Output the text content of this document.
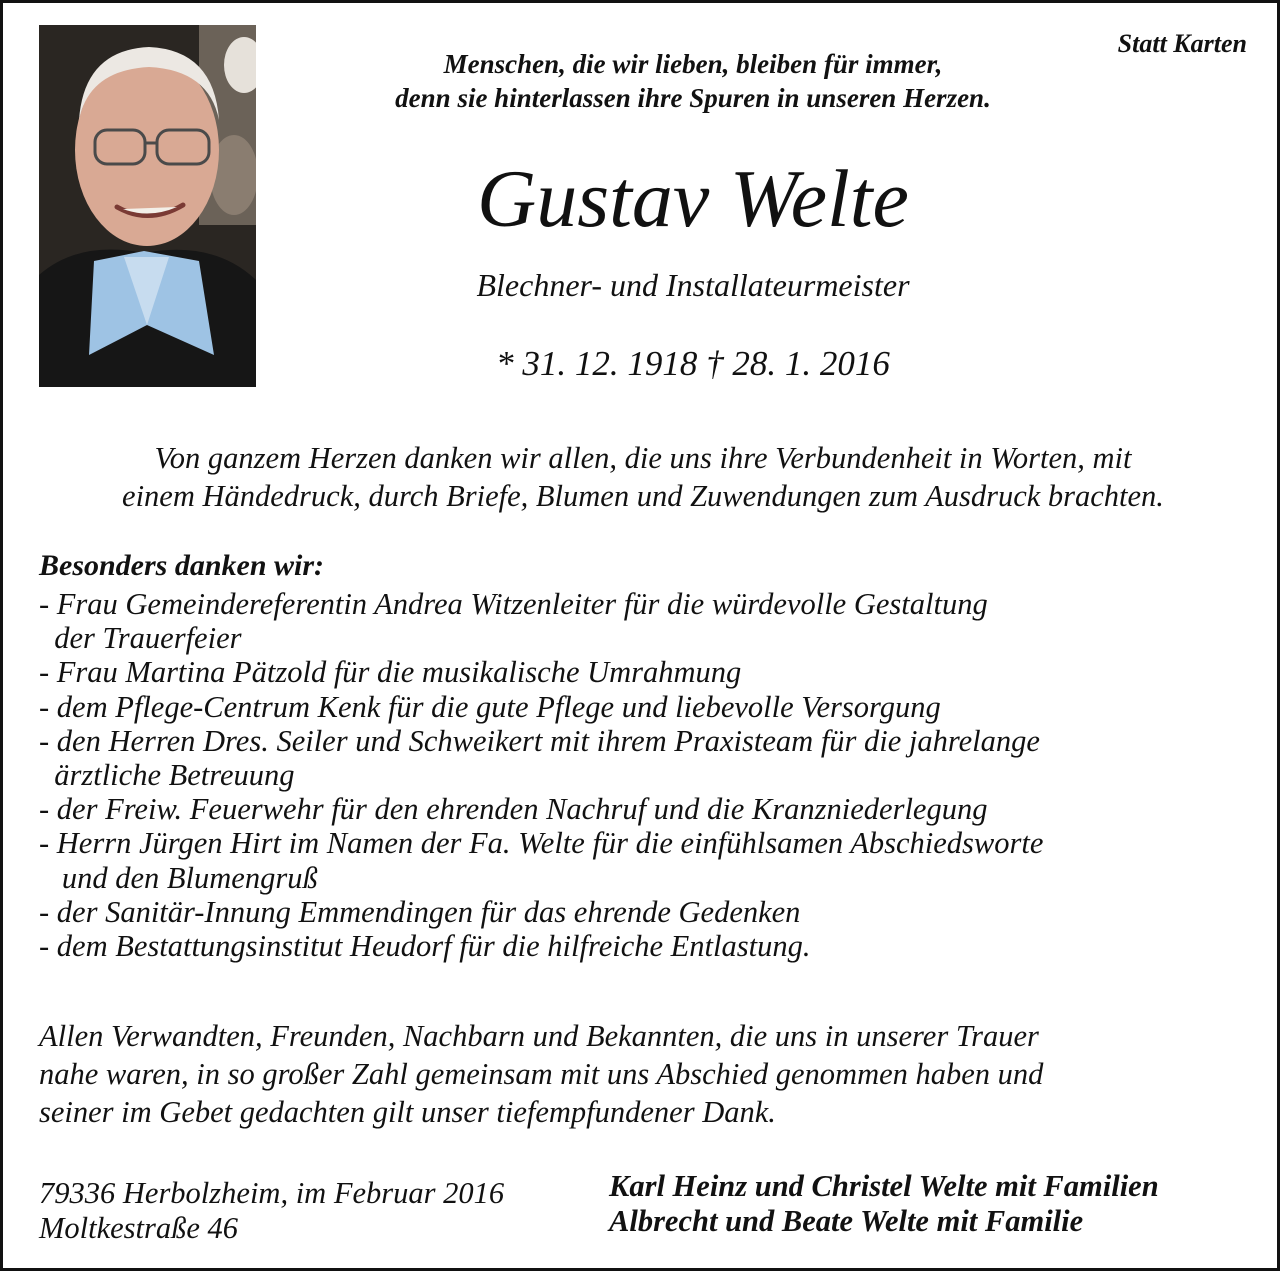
Statt Karten
Menschen, die wir lieben, bleiben für immer,
denn sie hinterlassen ihre Spuren in unseren Herzen.
Gustav Welte
Blechner- und Installateurmeister
* 31. 12. 1918 † 28. 1. 2016
Von ganzem Herzen danken wir allen, die uns ihre Verbundenheit in Worten, mit
einem Händedruck, durch Briefe, Blumen und Zuwendungen zum Ausdruck brachten.
Besonders danken wir:
- Frau Gemeindereferentin Andrea Witzenleiter für die würdevolle Gestaltung
der Trauerfeier
- Frau Martina Pätzold für die musikalische Umrahmung
- dem Pflege-Centrum Kenk für die gute Pflege und liebevolle Versorgung
- den Herren Dres. Seiler und Schweikert mit ihrem Praxisteam für die jahrelange
ärztliche Betreuung
- der Freiw. Feuerwehr für den ehrenden Nachruf und die Kranzniederlegung
- Herrn Jürgen Hirt im Namen der Fa. Welte für die einfühlsamen Abschiedsworte
und den Blumengruß
- der Sanitär-Innung Emmendingen für das ehrende Gedenken
- dem Bestattungsinstitut Heudorf für die hilfreiche Entlastung.
Allen Verwandten, Freunden, Nachbarn und Bekannten, die uns in unserer Trauer
nahe waren, in so großer Zahl gemeinsam mit uns Abschied genommen haben und
seiner im Gebet gedachten gilt unser tiefempfundener Dank.
79336 Herbolzheim, im Februar 2016
Moltkestraße 46
Karl Heinz und Christel Welte mit Familien
Albrecht und Beate Welte mit Familie
